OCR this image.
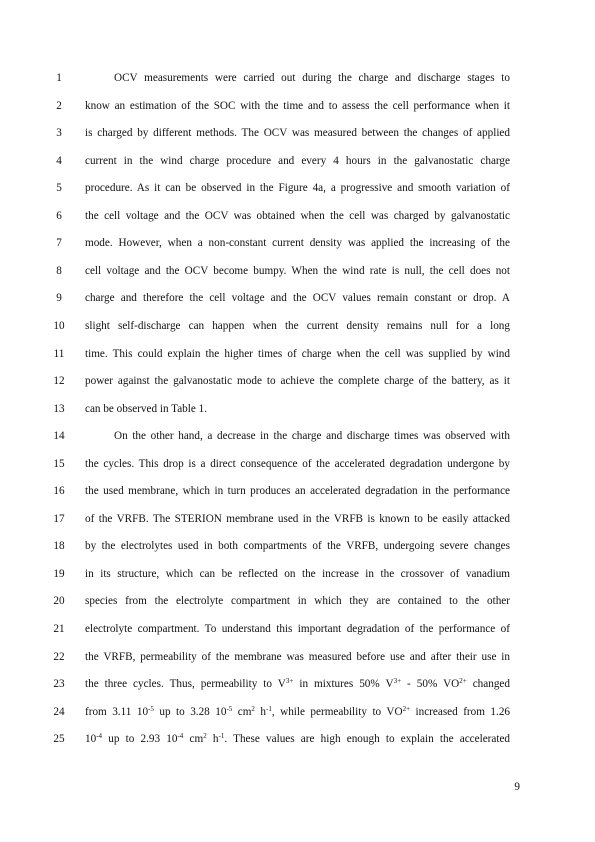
1	OCV measurements were carried out during the charge and discharge stages to
2	know an estimation of the SOC with the time and to assess the cell performance when it
3	is charged by different methods. The OCV was measured between the changes of applied
4	current in the wind charge procedure and every 4 hours in the galvanostatic charge
5	procedure. As it can be observed in the Figure 4a, a progressive and smooth variation of
6	the cell voltage and the OCV was obtained when the cell was charged by galvanostatic
7	mode. However, when a non-constant current density was applied the increasing of the
8	cell voltage and the OCV become bumpy. When the wind rate is null, the cell does not
9	charge and therefore the cell voltage and the OCV values remain constant or drop. A
10	slight self-discharge can happen when the current density remains null for a long
11	time. This could explain the higher times of charge when the cell was supplied by wind
12	power against the galvanostatic mode to achieve the complete charge of the battery, as it
13	can be observed in Table 1.
14	On the other hand, a decrease in the charge and discharge times was observed with
15	the cycles. This drop is a direct consequence of the accelerated degradation undergone by
16	the used membrane, which in turn produces an accelerated degradation in the performance
17	of the VRFB. The STERION membrane used in the VRFB is known to be easily attacked
18	by the electrolytes used in both compartments of the VRFB, undergoing severe changes
19	in its structure, which can be reflected on the increase in the crossover of vanadium
20	species from the electrolyte compartment in which they are contained to the other
21	electrolyte compartment. To understand this important degradation of the performance of
22	the VRFB, permeability of the membrane was measured before use and after their use in
23	the three cycles. Thus, permeability to $V^{3+}$ in mixtures 50% $V^{3+} - 50\%$ $VO^{2+}$ changed
24	from 3.11 $10^{-5}$ up to 3.28 $10^{-5}$ $cm^2$ $h^{-1}$, while permeability to $VO^{2+}$ increased from 1.26
25	$10^{-4}$ up to 2.93 $10^{-4}$ $cm^2$ $h^{-1}$. These values are high enough to explain the accelerated
9
